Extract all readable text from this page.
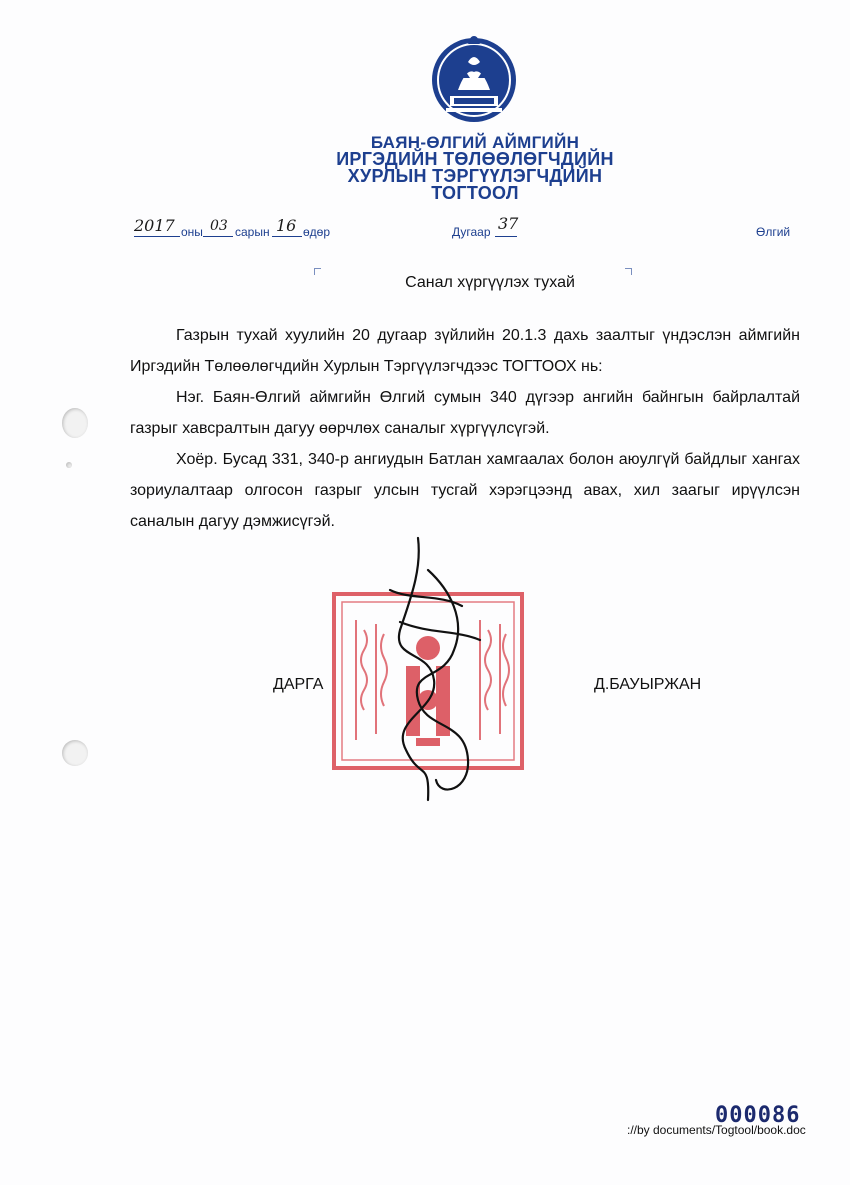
БАЯН-ӨЛГИЙ АЙМГИЙН
ИРГЭДИЙН ТӨЛӨӨЛӨГЧДИЙН
ХУРЛЫН ТЭРГҮҮЛЭГЧДИЙН
ТОГТООЛ
2017 оны 03 сарын 16 өдөр	Дугаар 37	Өлгий
Санал хүргүүлэх тухай

Газрын тухай хуулийн 20 дугаар зүйлийн 20.1.3 дахь заалтыг үндэслэн аймгийн Иргэдийн Төлөөлөгчдийн Хурлын Тэргүүлэгчдээс ТОГТООХ нь:

Нэг. Баян-Өлгий аймгийн Өлгий сумын 340 дүгээр ангийн байнгын байрлалтай газрыг хавсралтын дагуу өөрчлөх саналыг хүргүүлсүгэй.

Хоёр. Бусад 331, 340-р ангиудын Батлан хамгаалах болон аюулгүй байдлыг хангах зориулалтаар олгосон газрыг улсын тусгай хэрэгцээнд авах, хил заагыг ирүүлсэн саналын дагуу дэмжисүгэй.

ДАРГА	Д.БАУЫРЖАН
000086
://by documents/Togtool/book.doc
